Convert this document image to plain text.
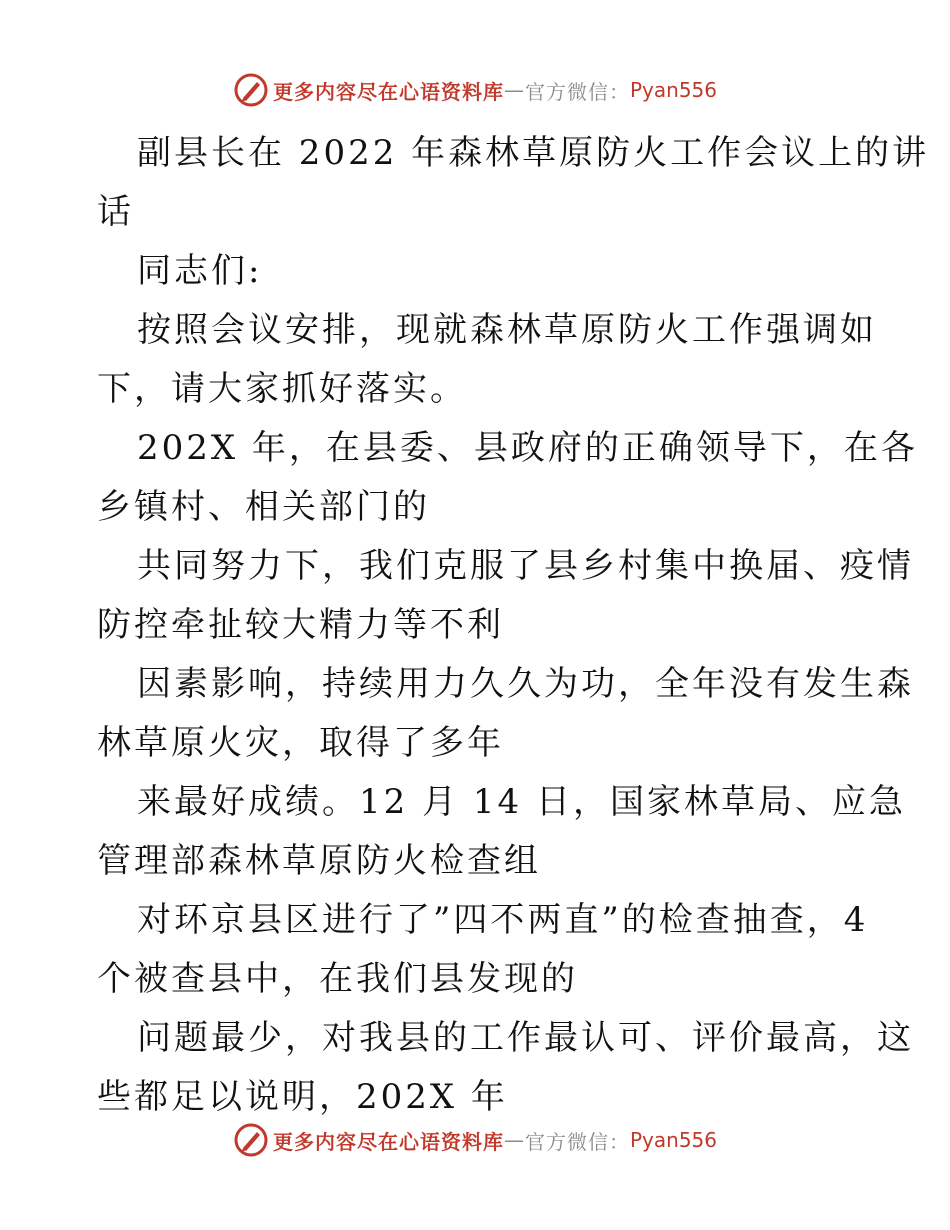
更多内容尽在心语资料库 — 官方微信： Pyan556

副县长在 2022 年森林草原防火工作会议上的讲
话

同志们:

按照会议安排，现就森林草原防火工作强调如
下，请大家抓好落实。

202X 年，在县委、县政府的正确领导下，在各
乡镇村、相关部门的

共同努力下，我们克服了县乡村集中换届、疫情
防控牵扯较大精力等不利

因素影响，持续用力久久为功，全年没有发生森
林草原火灾，取得了多年

来最好成绩。12 月 14 日，国家林草局、应急
管理部森林草原防火检查组

对环京县区进行了”四不两直”的检查抽查，4
个被查县中，在我们县发现的

问题最少，对我县的工作最认可、评价最高，这
些都足以说明，202X 年

更多内容尽在心语资料库 — 官方微信： Pyan556
